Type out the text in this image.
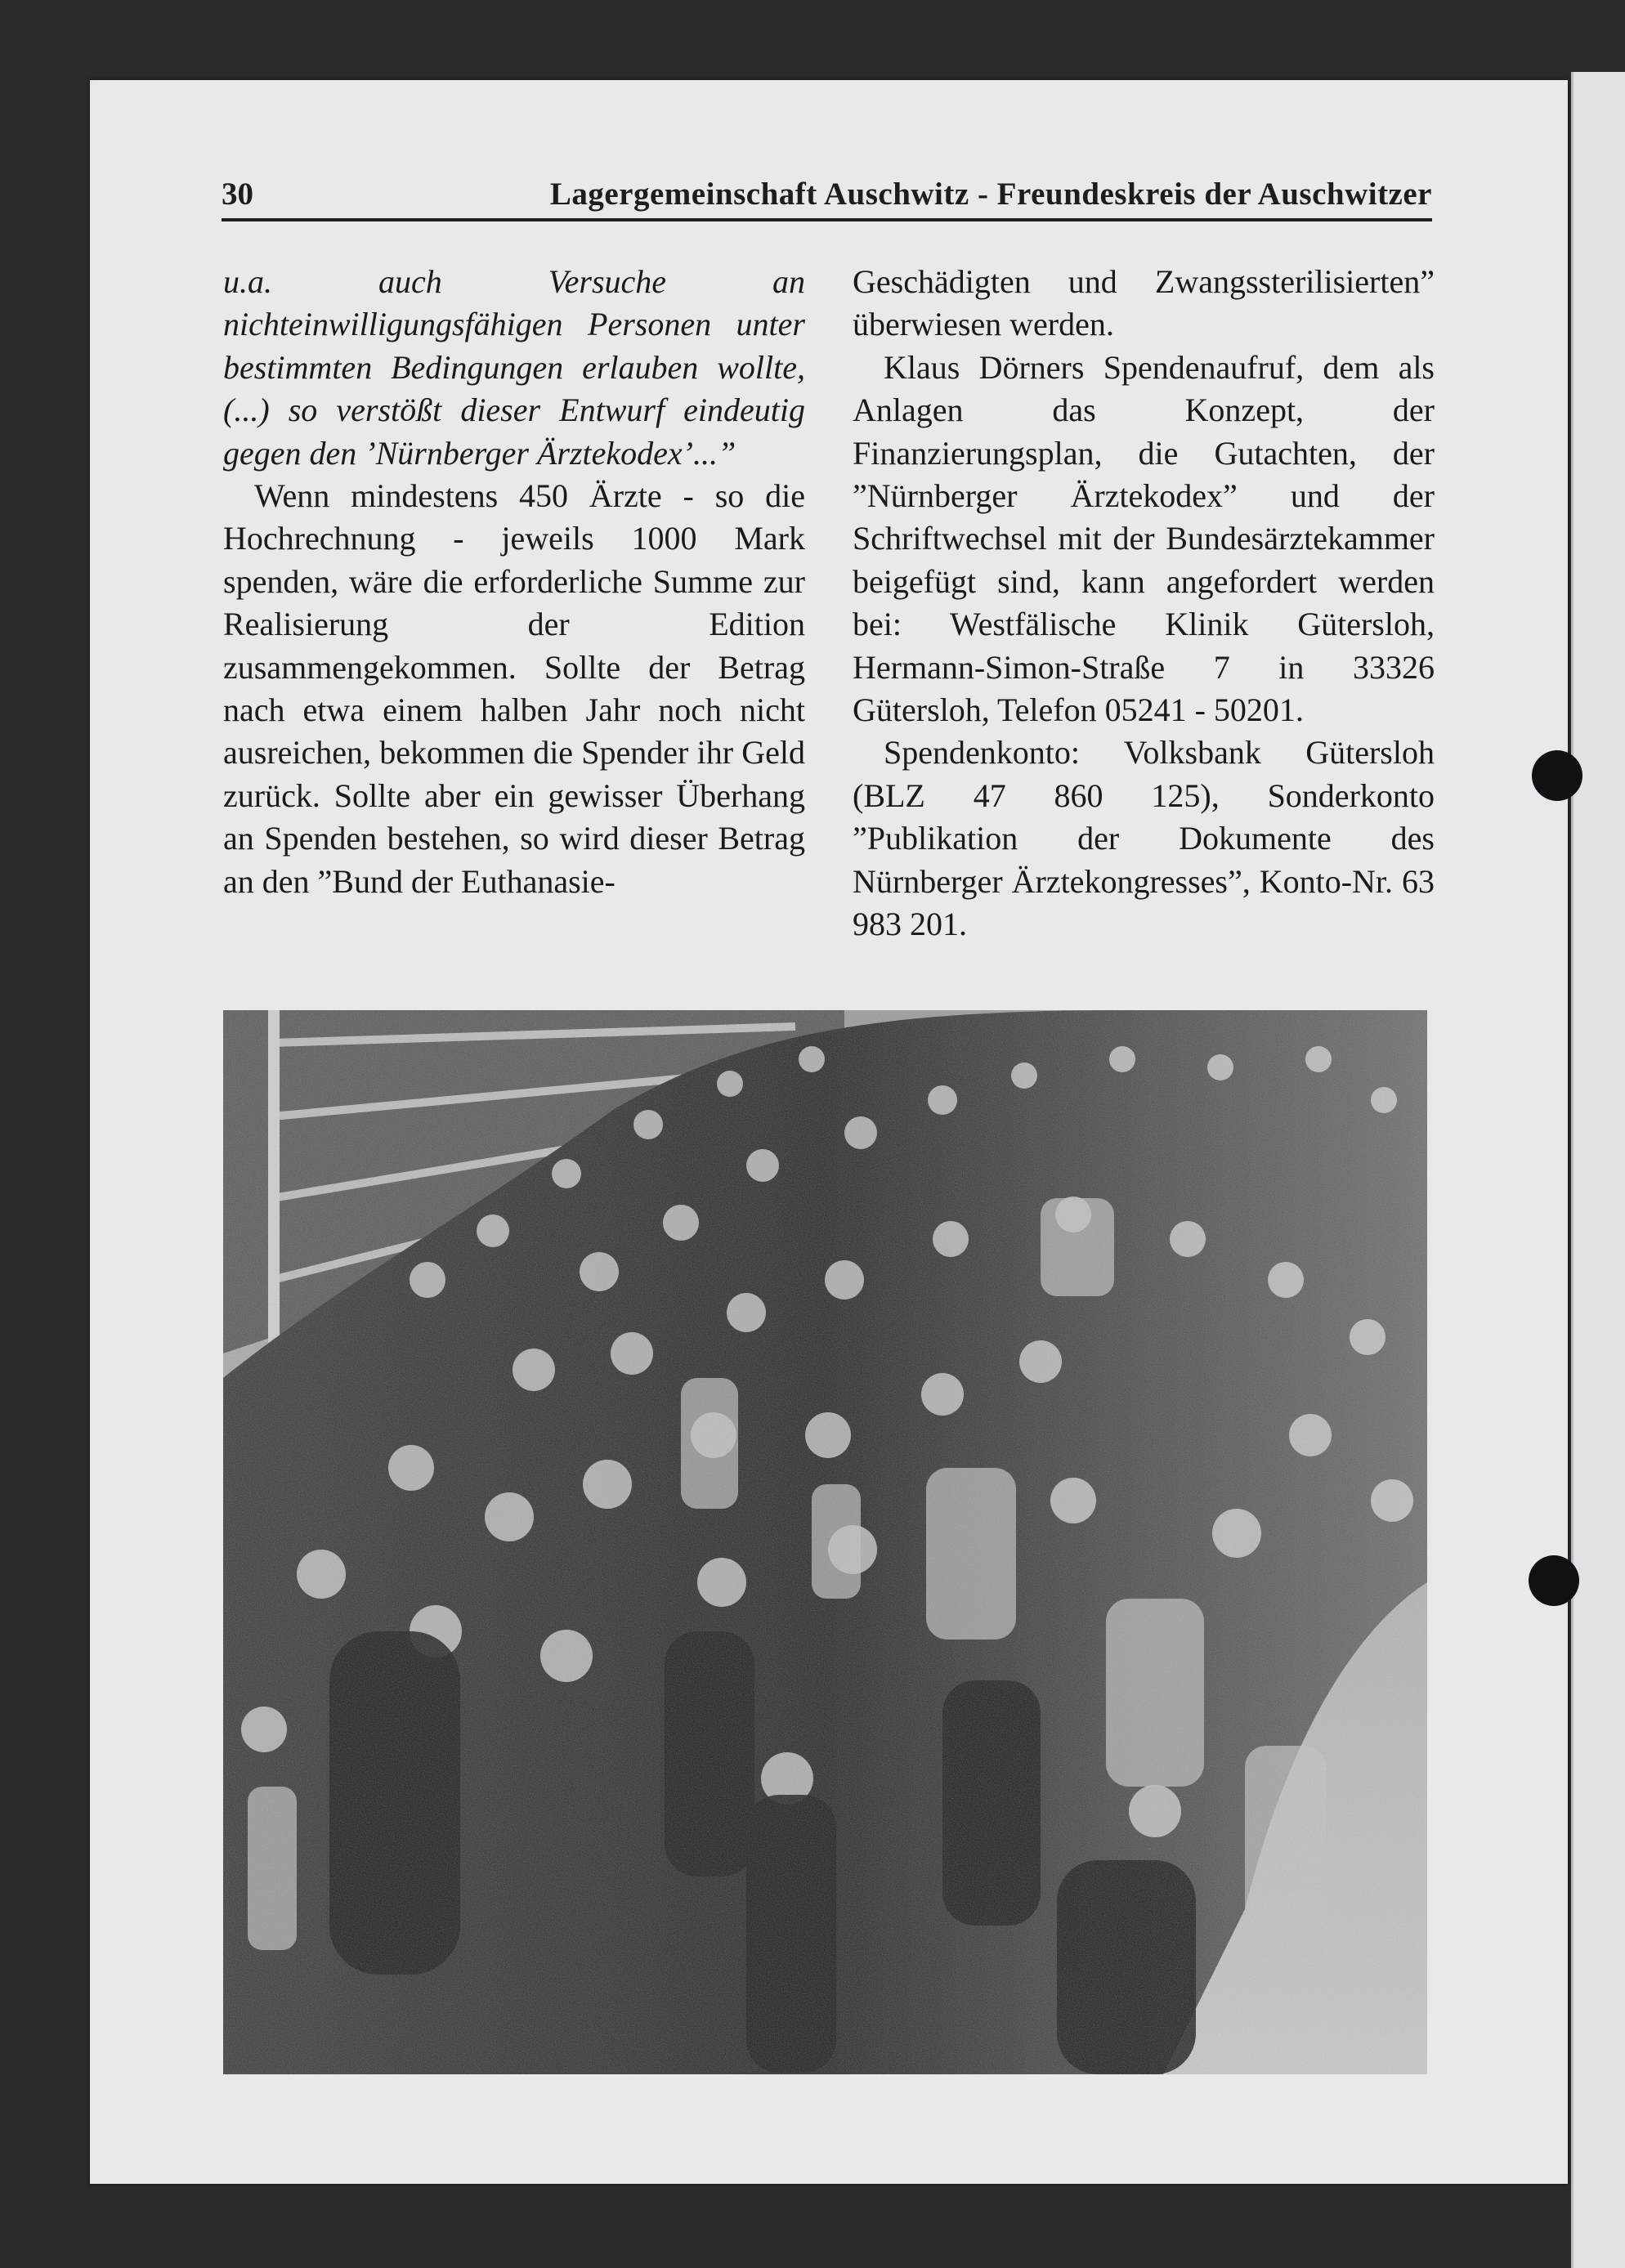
30	Lagergemeinschaft Auschwitz - Freundeskreis der Auschwitzer

u.a. auch Versuche an nichteinwilligungsfähigen Personen unter bestimmten Bedingungen erlauben wollte, (...) so verstößt dieser Entwurf eindeutig gegen den ’Nürnberger Ärztekodex’...”

Wenn mindestens 450 Ärzte - so die Hochrechnung - jeweils 1000 Mark spenden, wäre die erforderliche Summe zur Realisierung der Edition zusammengekommen. Sollte der Betrag nach etwa einem halben Jahr noch nicht ausreichen, bekommen die Spender ihr Geld zurück. Sollte aber ein gewisser Überhang an Spenden bestehen, so wird dieser Betrag an den ”Bund der Euthanasie-

Geschädigten und Zwangssterilisierten” überwiesen werden.

Klaus Dörners Spendenaufruf, dem als Anlagen das Konzept, der Finanzierungsplan, die Gutachten, der ”Nürnberger Ärztekodex” und der Schriftwechsel mit der Bundesärztekammer beigefügt sind, kann angefordert werden bei: Westfälische Klinik Gütersloh, Hermann-Simon-Straße 7 in 33326 Gütersloh, Telefon 05241 - 50201.

Spendenkonto: Volksbank Gütersloh (BLZ 47 860 125), Sonderkonto ”Publikation der Dokumente des Nürnberger Ärztekongresses”, Konto-Nr. 63 983 201.
